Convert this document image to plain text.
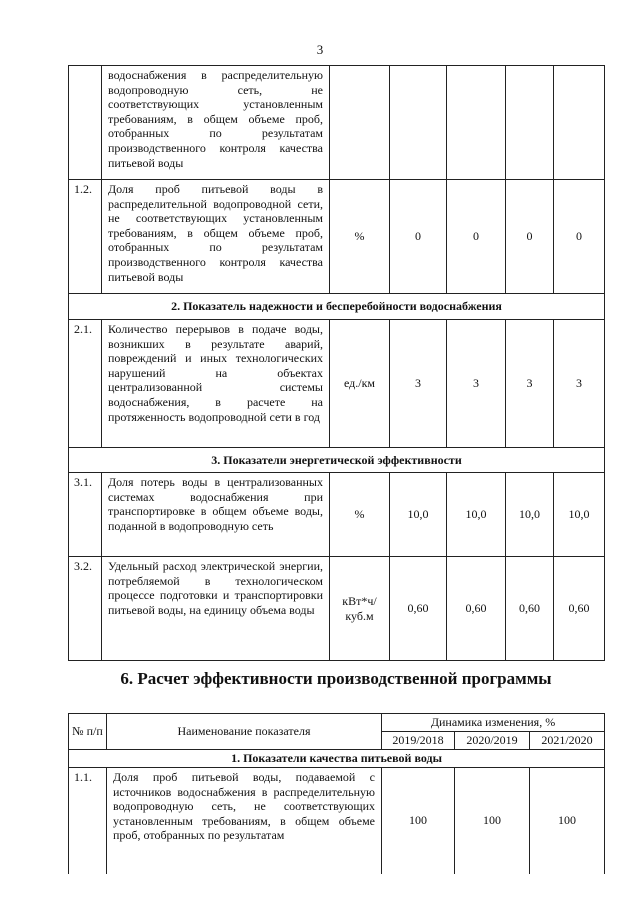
3
	водоснабжения в распределительную водопроводную сеть, не соответствующих установленным требованиям, в общем объеме проб, отобранных по результатам производственного контроля качества питьевой воды					
1.2.	Доля проб питьевой воды в распределительной водопроводной сети, не соответствующих установленным требованиям, в общем объеме проб, отобранных по результатам производственного контроля качества питьевой воды	%	0	0	0	0
2. Показатель надежности и бесперебойности водоснабжения						
2.1.	Количество перерывов в подаче воды, возникших в результате аварий, повреждений и иных технологических нарушений на объектах централизованной системы водоснабжения, в расчете на протяженность водопроводной сети в год	ед./км	3	3	3	3
3. Показатели энергетической эффективности						
3.1.	Доля потерь воды в централизованных системах водоснабжения при транспортировке в общем объеме воды, поданной в водопроводную сеть	%	10,0	10,0	10,0	10,0
3.2.	Удельный расход электрической энергии, потребляемой в технологическом процессе подготовки и транспортировки питьевой воды, на единицу объема воды	кВт*ч/ куб.м	0,60	0,60	0,60	0,60
6. Расчет эффективности производственной программы
№ п/п	Наименование показателя	Динамика изменения, %		
		2019/2018	2020/2019	2021/2020
1. Показатели качества питьевой воды				
1.1.	Доля проб питьевой воды, подаваемой с источников водоснабжения в распределительную водопроводную сеть, не соответствующих установленным требованиям, в общем объеме проб, отобранных по результатам	100	100	100
